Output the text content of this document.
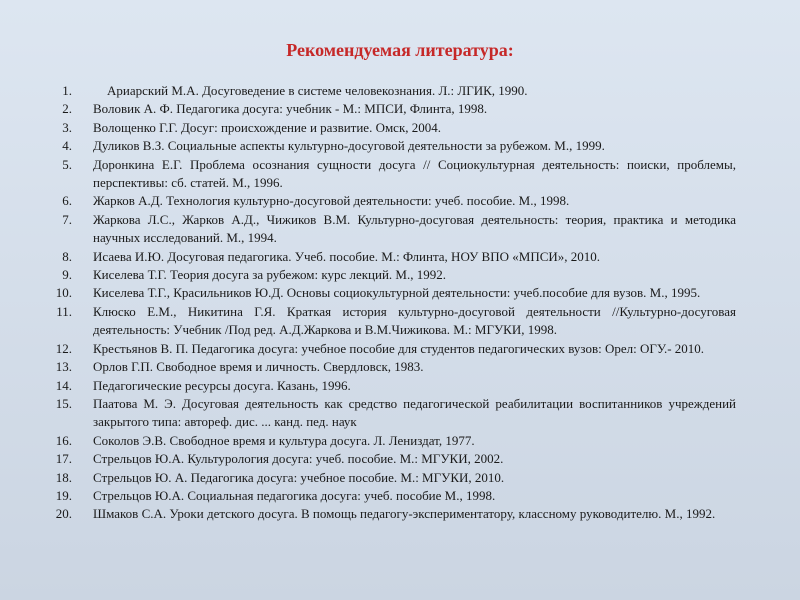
Рекомендуемая литература:
1.	Ариарский М.А. Досуговедение в системе человекознания. Л.: ЛГИК, 1990.
2. Воловик А. Ф. Педагогика досуга: учебник - М.: МПСИ, Флинта, 1998.
3. Волощенко Г.Г. Досуг: происхождение и развитие. Омск, 2004.
4. Дуликов В.З. Социальные аспекты культурно-досуговой деятельности за рубежом. М., 1999.
5. Доронкина Е.Г. Проблема осознания сущности досуга // Социокультурная деятельность: поиски, проблемы, перспективы: сб. статей. М., 1996.
6. Жарков А.Д. Технология культурно-досуговой деятельности: учеб. пособие. М., 1998.
7. Жаркова Л.С., Жарков А.Д., Чижиков В.М. Культурно-досуговая деятельность: теория, практика и методика научных исследований. М., 1994.
8. Исаева И.Ю. Досуговая педагогика. Учеб. пособие. М.: Флинта, НОУ ВПО «МПСИ», 2010.
9. Киселева Т.Г. Теория досуга за рубежом: курс лекций. М., 1992.
10. Киселева Т.Г., Красильников Ю.Д. Основы социокультурной деятельности: учеб.пособие для вузов. М., 1995.
11. Клюско Е.М., Никитина Г.Я. Краткая история культурно-досуговой деятельности //Культурно-досуговая деятельность: Учебник /Под ред. А.Д.Жаркова и В.М.Чижикова. М.: МГУКИ, 1998.
12. Крестьянов В. П. Педагогика досуга: учебное пособие для студентов педагогических вузов: Орел: ОГУ.- 2010.
13. Орлов Г.П. Свободное время и личность. Свердловск, 1983.
14. Педагогические ресурсы досуга. Казань, 1996.
15. Паатова М. Э. Досуговая деятельность как средство педагогической реабилитации воспитанников учреждений закрытого типа: автореф. дис. ... канд. пед. наук
16. Соколов Э.В. Свободное время и культура досуга. Л. Лениздат, 1977.
17. Стрельцов Ю.А. Культурология досуга: учеб. пособие. М.: МГУКИ, 2002.
18. Стрельцов Ю. А. Педагогика досуга: учебное пособие. М.: МГУКИ, 2010.
19. Стрельцов Ю.А. Социальная педагогика досуга: учеб. пособие М., 1998.
20. Шмаков С.А. Уроки детского досуга. В помощь педагогу-экспериментатору, классному руководителю. М., 1992.
